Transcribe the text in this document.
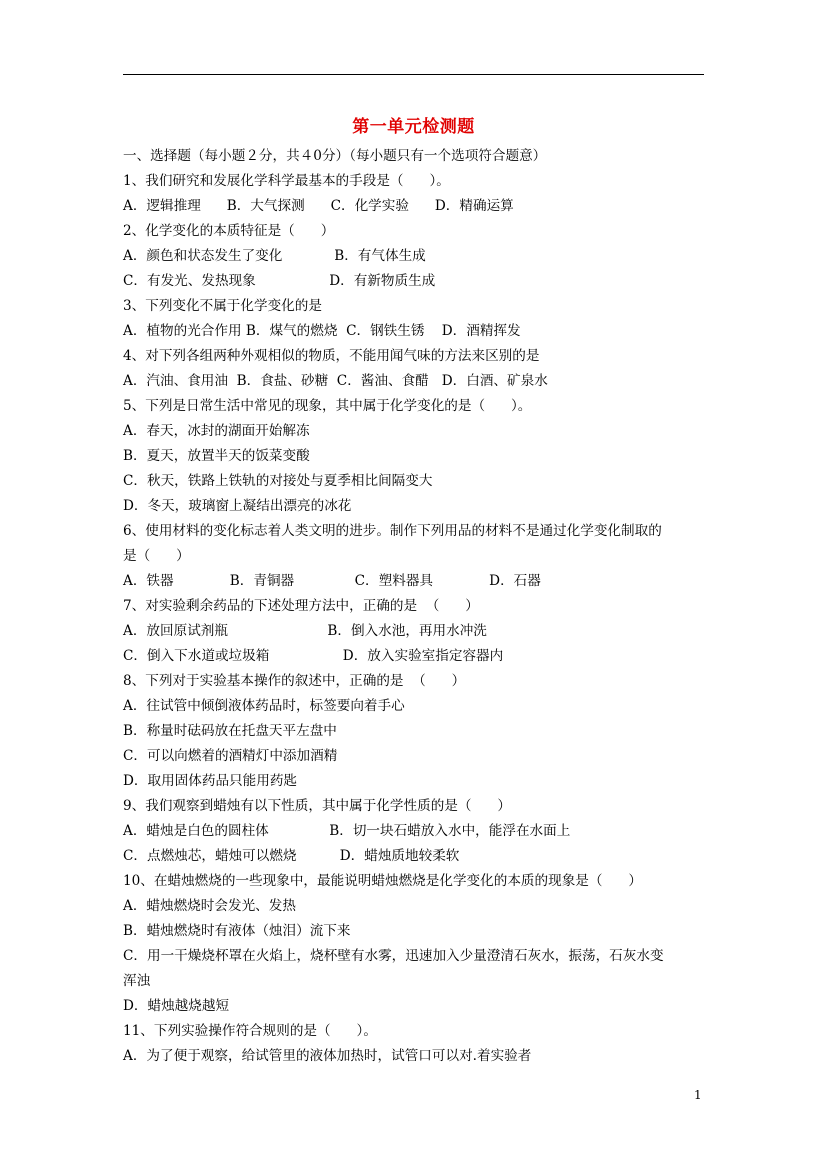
第一单元检测题
一、选择题（每小题２分，共４0分）（每小题只有一个选项符合题意）
1、我们研究和发展化学科学最基本的手段是（      ）。
A．逻辑推理      B．大气探测      C．化学实验      D．精确运算
2、化学变化的本质特征是（      ）
A．颜色和状态发生了变化            B．有气体生成
C．有发光、发热现象                 D．有新物质生成
3、下列变化不属于化学变化的是
A．植物的光合作用 B．煤气的燃烧  C．钢铁生锈    D．酒精挥发
4、对下列各组两种外观相似的物质，不能用闻气味的方法来区别的是
A．汽油、食用油  B．食盐、砂糖  C．酱油、食醋   D．白酒、矿泉水
5、下列是日常生活中常见的现象，其中属于化学变化的是（      ）。
A．春天，冰封的湖面开始解冻
B．夏天，放置半天的饭菜变酸
C．秋天，铁路上铁轨的对接处与夏季相比间隔变大
D．冬天，玻璃窗上凝结出漂亮的冰花
6、使用材料的变化标志着人类文明的进步。制作下列用品的材料不是通过化学变化制取的
是（      ）
A．铁器             B．青铜器              C．塑料器具             D．石器
7、对实验剩余药品的下述处理方法中，正确的是  （      ）
A．放回原试剂瓶                       B．倒入水池，再用水冲洗
C．倒入下水道或垃圾箱                 D．放入实验室指定容器内
8、下列对于实验基本操作的叙述中，正确的是  （      ）
A．往试管中倾倒液体药品时，标签要向着手心
B．称量时砝码放在托盘天平左盘中
C．可以向燃着的酒精灯中添加酒精
D．取用固体药品只能用药匙
9、我们观察到蜡烛有以下性质，其中属于化学性质的是（      ）
A．蜡烛是白色的圆柱体              B．切一块石蜡放入水中，能浮在水面上
C．点燃烛芯，蜡烛可以燃烧          D．蜡烛质地较柔软
10、在蜡烛燃烧的一些现象中，最能说明蜡烛燃烧是化学变化的本质的现象是（      ）
A．蜡烛燃烧时会发光、发热
B．蜡烛燃烧时有液体（烛泪）流下来
C．用一干燥烧杯罩在火焰上，烧杯壁有水雾，迅速加入少量澄清石灰水，振荡，石灰水变
浑浊
D．蜡烛越烧越短
11、下列实验操作符合规则的是（      ）。
A．为了便于观察，给试管里的液体加热时，试管口可以对.着实验者
1
